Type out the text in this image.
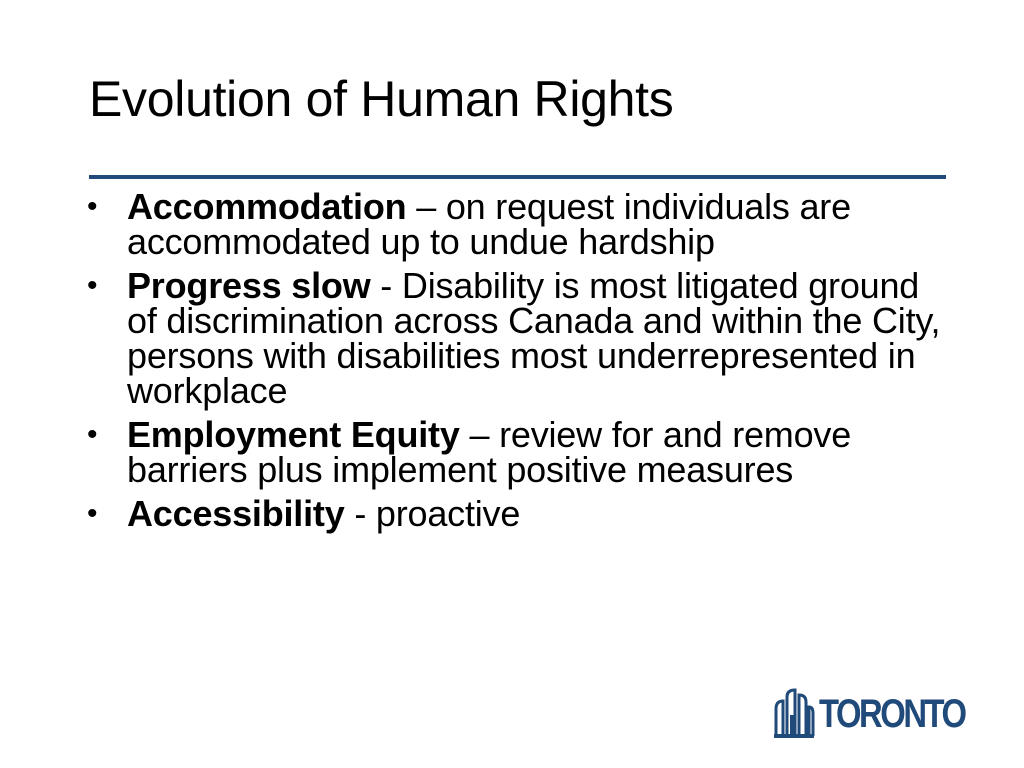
Evolution of Human Rights
• Accommodation – on request individuals are accommodated up to undue hardship
• Progress slow - Disability is most litigated ground of discrimination across Canada and within the City, persons with disabilities most underrepresented in workplace
• Employment Equity – review for and remove barriers plus implement positive measures
• Accessibility - proactive
TORONTO
